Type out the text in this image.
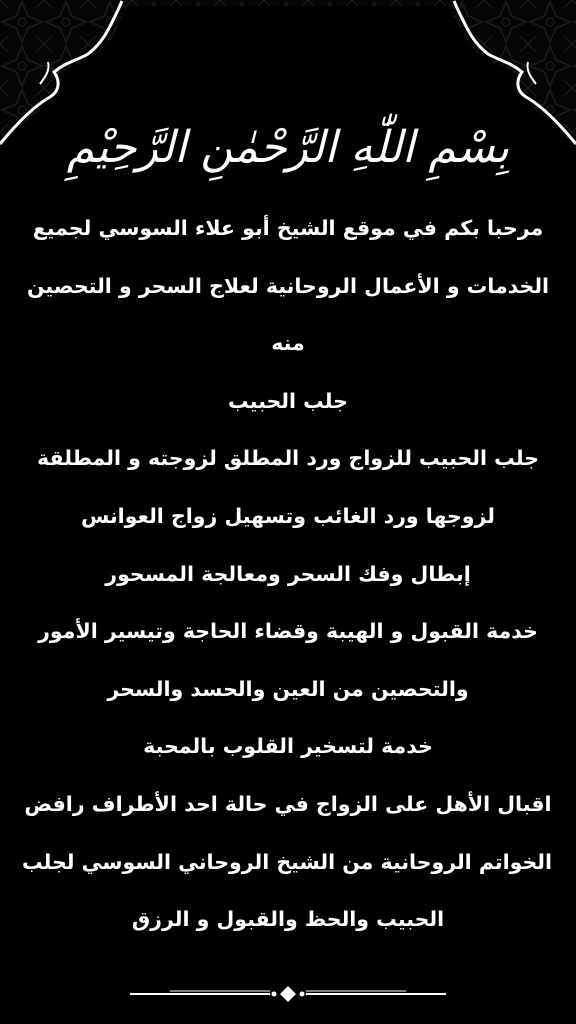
بِسْمِ اللّٰهِ الرَّحْمٰنِ الرَّحِيْمِ
مرحبا بكم في موقع الشيخ أبو علاء السوسي لجميع
الخدمات و الأعمال الروحانية لعلاج السحر و التحصين
منه
جلب الحبيب
جلب الحبيب للزواج ورد المطلق لزوجته و المطلقة
لزوجها ورد الغائب وتسهيل زواج العوانس
إبطال وفك السحر ومعالجة المسحور
خدمة القبول و الهيبة وقضاء الحاجة وتيسير الأمور
والتحصين من العين والحسد والسحر
خدمة لتسخير القلوب بالمحبة
اقبال الأهل على الزواج في حالة احد الأطراف رافض
الخواتم الروحانية من الشيخ الروحاني السوسي لجلب
الحبيب والحظ والقبول و الرزق
